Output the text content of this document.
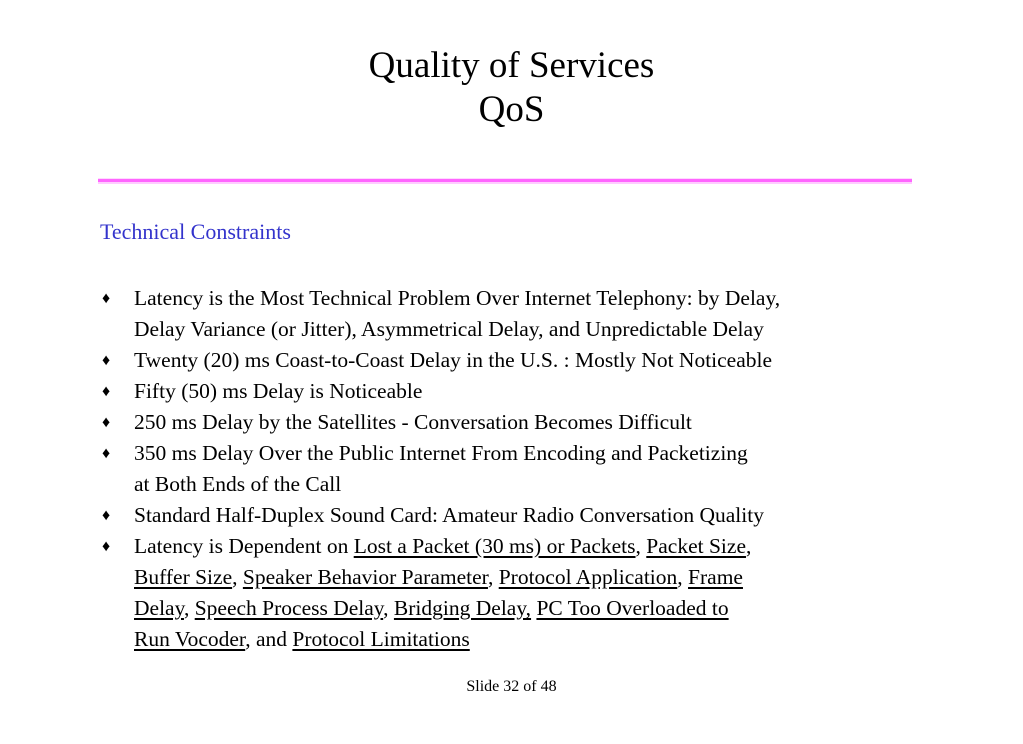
Quality of Services
QoS
Technical Constraints
♦ Latency is the Most Technical Problem Over Internet Telephony: by Delay,
Delay Variance (or Jitter), Asymmetrical Delay, and Unpredictable Delay
♦ Twenty (20) ms Coast-to-Coast Delay in the U.S. : Mostly Not Noticeable
♦ Fifty (50) ms Delay is Noticeable
♦ 250 ms Delay by the Satellites - Conversation Becomes Difficult
♦ 350 ms Delay Over the Public Internet From Encoding and Packetizing
at Both Ends of the Call
♦ Standard Half-Duplex Sound Card: Amateur Radio Conversation Quality
♦ Latency is Dependent on Lost a Packet (30 ms) or Packets, Packet Size,
Buffer Size, Speaker Behavior Parameter, Protocol Application, Frame
Delay, Speech Process Delay, Bridging Delay, PC Too Overloaded to
Run Vocoder, and Protocol Limitations
Slide 32 of 48
